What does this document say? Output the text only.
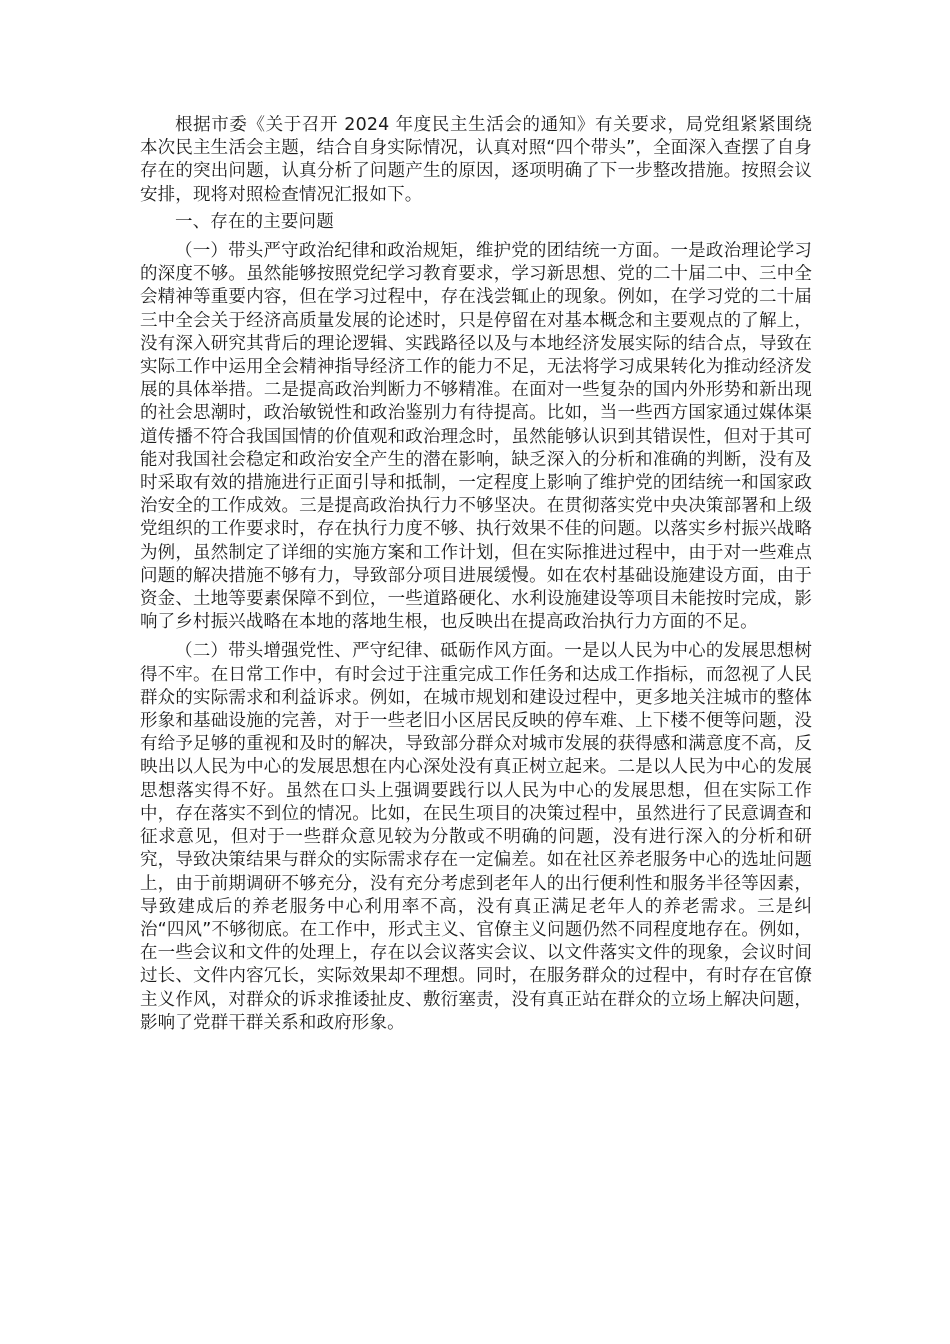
根据市委《关于召开 2024 年度民主生活会的通知》有关要求，局党组紧紧围绕本次民主生活会主题，结合自身实际情况，认真对照“四个带头”，全面深入查摆了自身存在的突出问题，认真分析了问题产生的原因，逐项明确了下一步整改措施。按照会议安排，现将对照检查情况汇报如下。

一、存在的主要问题

（一）带头严守政治纪律和政治规矩，维护党的团结统一方面。一是政治理论学习的深度不够。虽然能够按照党纪学习教育要求，学习新思想、党的二十届二中、三中全会精神等重要内容，但在学习过程中，存在浅尝辄止的现象。例如，在学习党的二十届三中全会关于经济高质量发展的论述时，只是停留在对基本概念和主要观点的了解上，没有深入研究其背后的理论逻辑、实践路径以及与本地经济发展实际的结合点，导致在实际工作中运用全会精神指导经济工作的能力不足，无法将学习成果转化为推动经济发展的具体举措。二是提高政治判断力不够精准。在面对一些复杂的国内外形势和新出现的社会思潮时，政治敏锐性和政治鉴别力有待提高。比如，当一些西方国家通过媒体渠道传播不符合我国国情的价值观和政治理念时，虽然能够认识到其错误性，但对于其可能对我国社会稳定和政治安全产生的潜在影响，缺乏深入的分析和准确的判断，没有及时采取有效的措施进行正面引导和抵制，一定程度上影响了维护党的团结统一和国家政治安全的工作成效。三是提高政治执行力不够坚决。在贯彻落实党中央决策部署和上级党组织的工作要求时，存在执行力度不够、执行效果不佳的问题。以落实乡村振兴战略为例，虽然制定了详细的实施方案和工作计划，但在实际推进过程中，由于对一些难点问题的解决措施不够有力，导致部分项目进展缓慢。如在农村基础设施建设方面，由于资金、土地等要素保障不到位，一些道路硬化、水利设施建设等项目未能按时完成，影响了乡村振兴战略在本地的落地生根，也反映出在提高政治执行力方面的不足。

（二）带头增强党性、严守纪律、砥砺作风方面。一是以人民为中心的发展思想树得不牢。在日常工作中，有时会过于注重完成工作任务和达成工作指标，而忽视了人民群众的实际需求和利益诉求。例如，在城市规划和建设过程中，更多地关注城市的整体形象和基础设施的完善，对于一些老旧小区居民反映的停车难、上下楼不便等问题，没有给予足够的重视和及时的解决，导致部分群众对城市发展的获得感和满意度不高，反映出以人民为中心的发展思想在内心深处没有真正树立起来。二是以人民为中心的发展思想落实得不好。虽然在口头上强调要践行以人民为中心的发展思想，但在实际工作中，存在落实不到位的情况。比如，在民生项目的决策过程中，虽然进行了民意调查和征求意见，但对于一些群众意见较为分散或不明确的问题，没有进行深入的分析和研究，导致决策结果与群众的实际需求存在一定偏差。如在社区养老服务中心的选址问题上，由于前期调研不够充分，没有充分考虑到老年人的出行便利性和服务半径等因素，导致建成后的养老服务中心利用率不高，没有真正满足老年人的养老需求。三是纠治“四风”不够彻底。在工作中，形式主义、官僚主义问题仍然不同程度地存在。例如，在一些会议和文件的处理上，存在以会议落实会议、以文件落实文件的现象，会议时间过长、文件内容冗长，实际效果却不理想。同时，在服务群众的过程中，有时存在官僚主义作风，对群众的诉求推诿扯皮、敷衍塞责，没有真正站在群众的立场上解决问题，影响了党群干群关系和政府形象。
